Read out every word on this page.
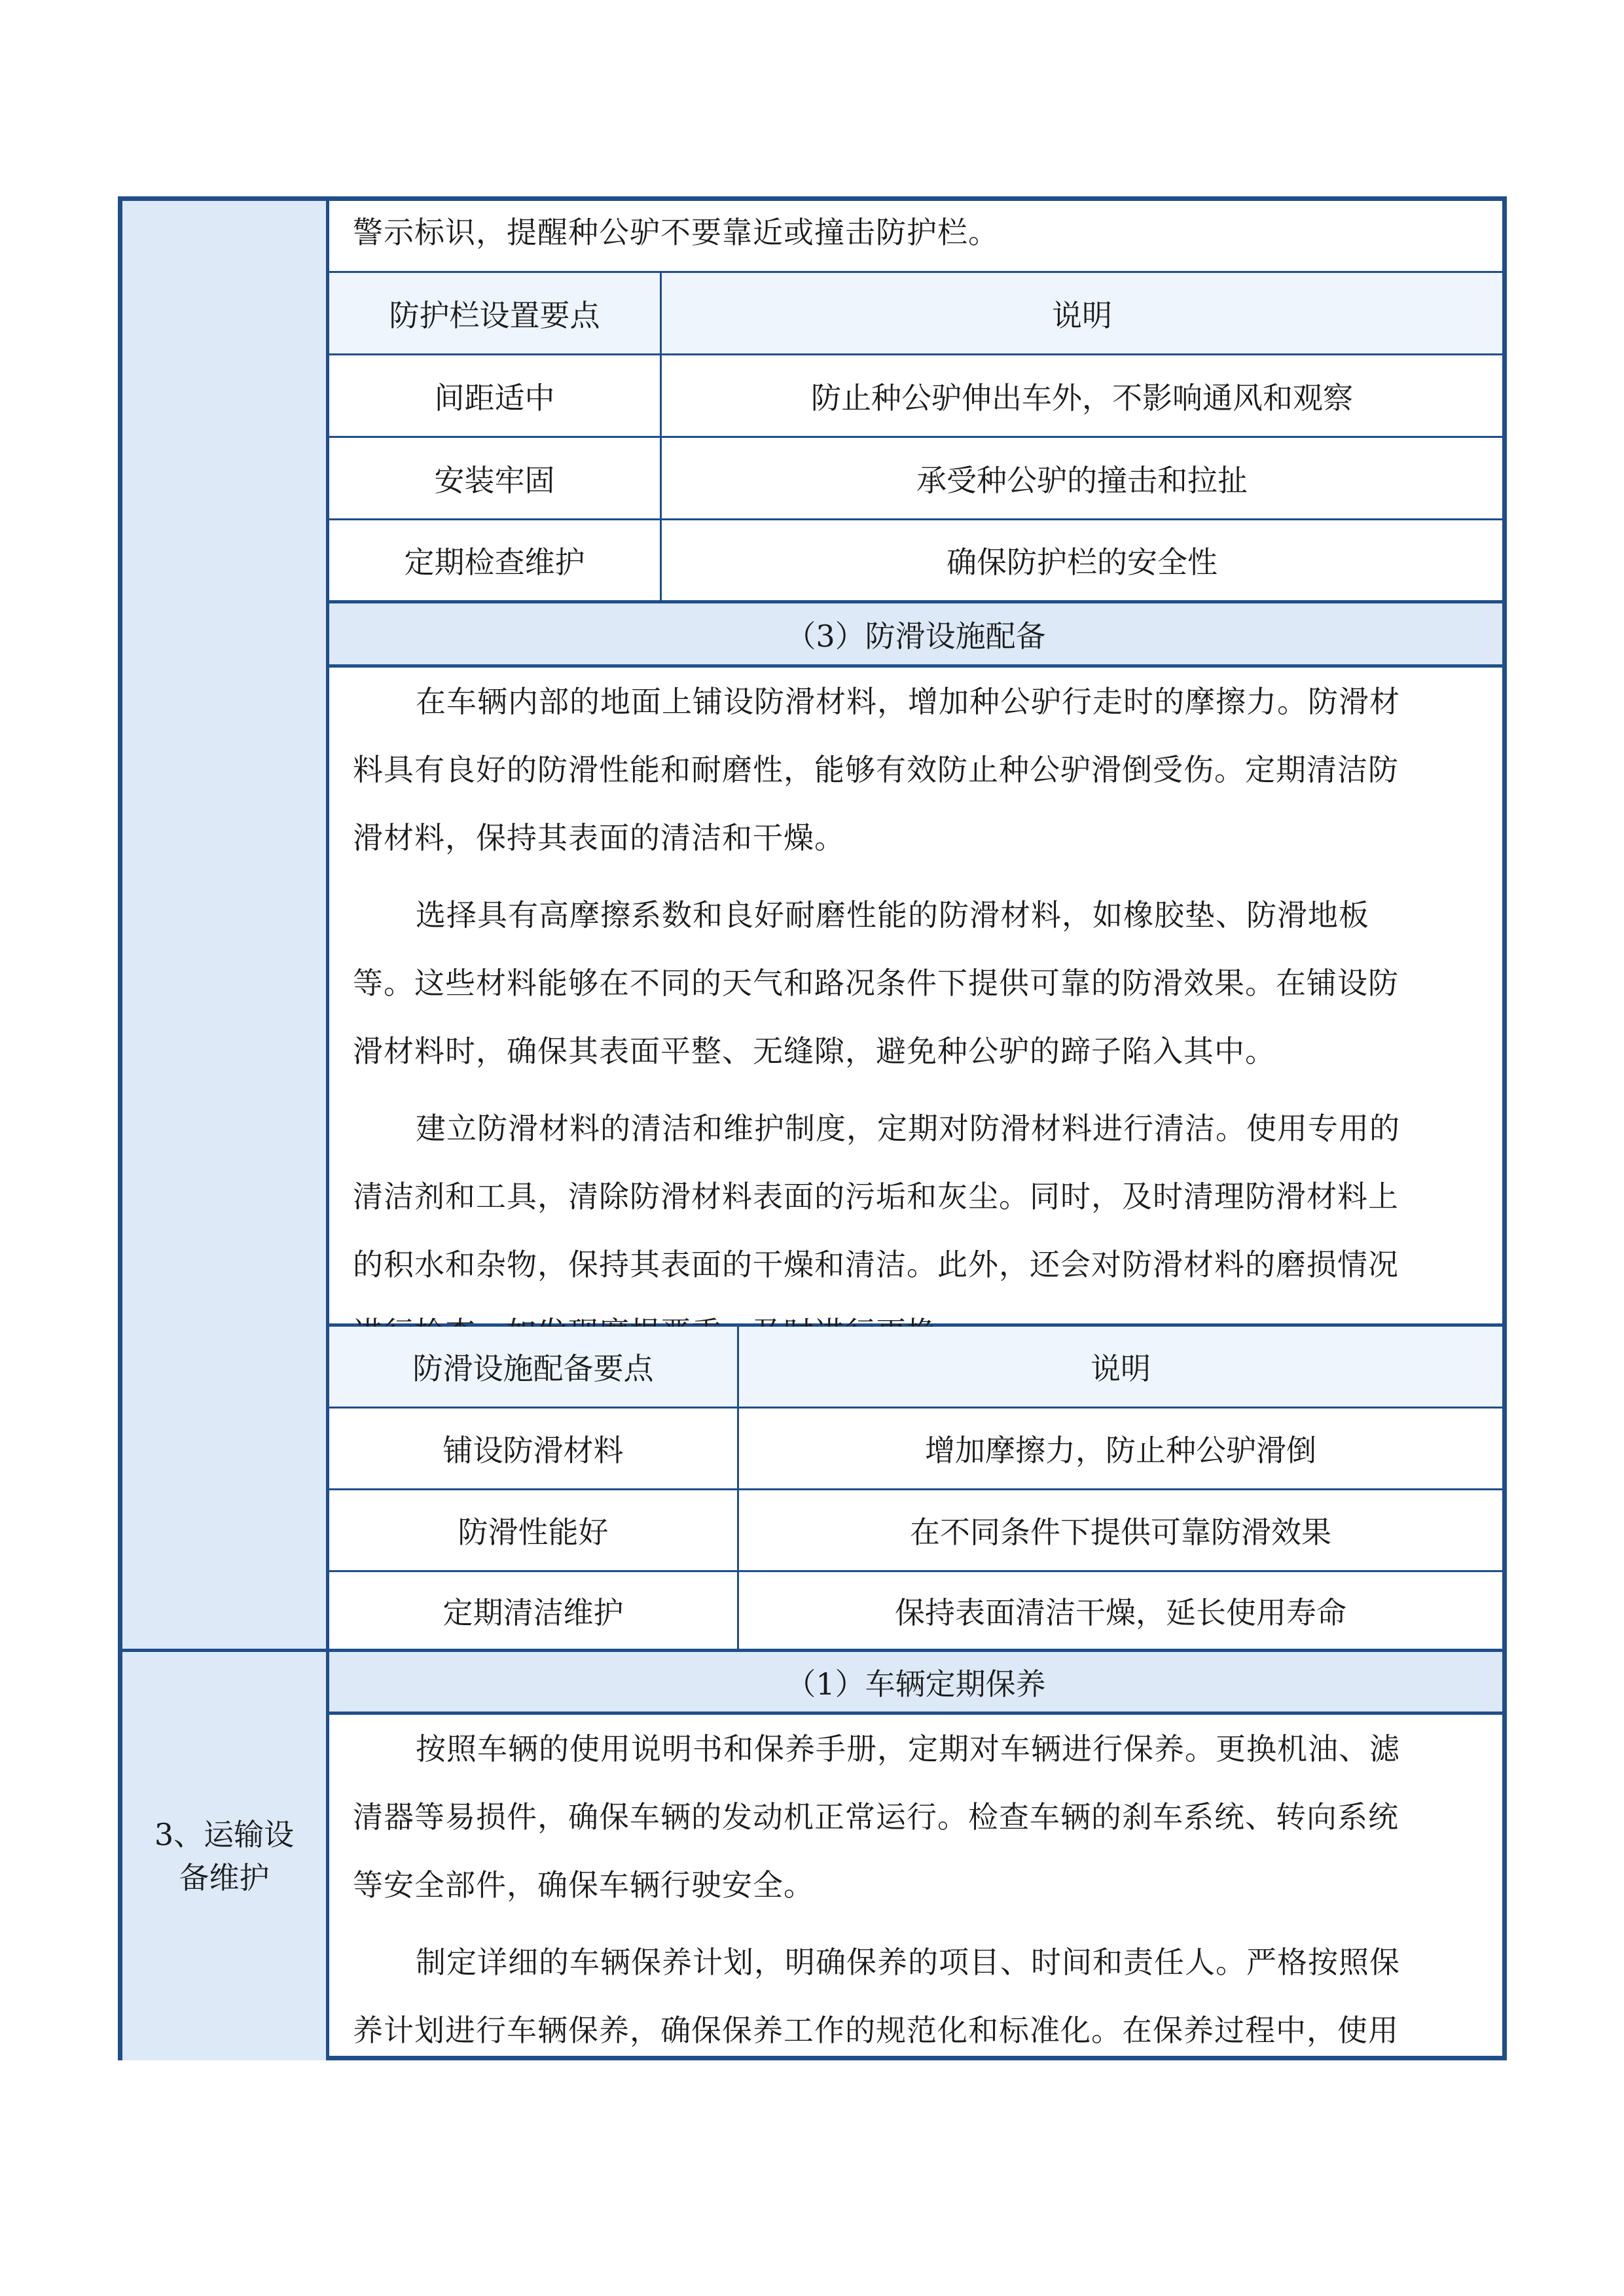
3、运输设
备维护
警示标识，提醒种公驴不要靠近或撞击防护栏。
防护栏设置要点	说明
间距适中	防止种公驴伸出车外，不影响通风和观察
安装牢固	承受种公驴的撞击和拉扯
定期检查维护	确保防护栏的安全性
（3）防滑设施配备
在车辆内部的地面上铺设防滑材料，增加种公驴行走时的摩擦力。防滑材
料具有良好的防滑性能和耐磨性，能够有效防止种公驴滑倒受伤。定期清洁防
滑材料，保持其表面的清洁和干燥。
选择具有高摩擦系数和良好耐磨性能的防滑材料，如橡胶垫、防滑地板
等。这些材料能够在不同的天气和路况条件下提供可靠的防滑效果。在铺设防
滑材料时，确保其表面平整、无缝隙，避免种公驴的蹄子陷入其中。
建立防滑材料的清洁和维护制度，定期对防滑材料进行清洁。使用专用的
清洁剂和工具，清除防滑材料表面的污垢和灰尘。同时，及时清理防滑材料上
的积水和杂物，保持其表面的干燥和清洁。此外，还会对防滑材料的磨损情况
防滑设施配备要点	说明
铺设防滑材料	增加摩擦力，防止种公驴滑倒
防滑性能好	在不同条件下提供可靠防滑效果
定期清洁维护	保持表面清洁干燥，延长使用寿命
（1）车辆定期保养
按照车辆的使用说明书和保养手册，定期对车辆进行保养。更换机油、滤
清器等易损件，确保车辆的发动机正常运行。检查车辆的刹车系统、转向系统
等安全部件，确保车辆行驶安全。
制定详细的车辆保养计划，明确保养的项目、时间和责任人。严格按照保
养计划进行车辆保养，确保保养工作的规范化和标准化。在保养过程中，使用
